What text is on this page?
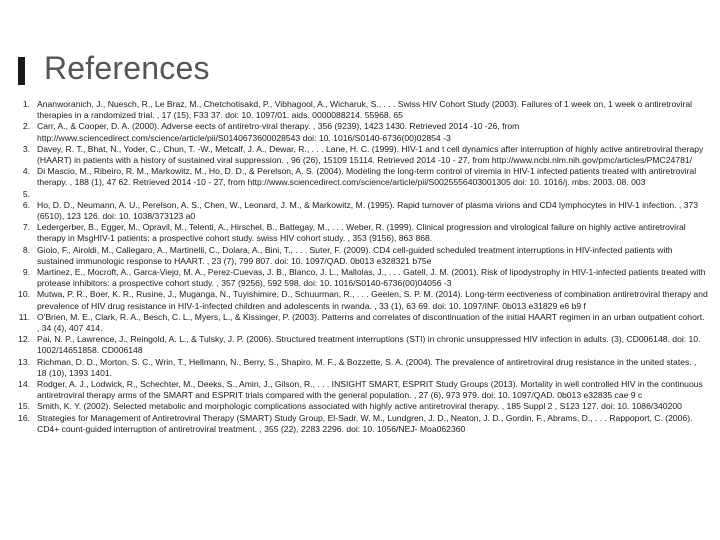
References
1. Ananworanich, J., Nuesch, R., Le Braz, M., Chetchotisakd, P., Vibhagool, A., Wicharuk, S., . . . Swiss HIV Cohort Study (2003). Failures of 1 week on, 1 week o antiretroviral therapies in a randomized trial. , 17 (15), F33 37. doi: 10. 1097/01. aids. 0000088214. 55968. 65
2. Carr, A., & Cooper, D. A. (2000). Adverse eects of antiretro-viral therapy. , 356 (9239), 1423 1430. Retrieved 2014 -10 -26, from http://www.sciencedirect.com/science/article/pii/S0140673600028543 doi: 10. 1016/S0140-6736(00)02854 -3
3. Davey, R. T., Bhat, N., Yoder, C., Chun, T. -W., Metcalf, J. A., Dewar, R., . . . Lane, H. C. (1999). HIV-1 and t cell dynamics after interruption of highly active antiretroviral therapy (HAART) in patients with a history of sustained viral suppression. , 96 (26), 15109 15114. Retrieved 2014 -10 - 27, from http://www.ncbi.nlm.nih.gov/pmc/articles/PMC24781/
4. Di Mascio, M., Ribeiro, R. M., Markowitz, M., Ho, D. D., & Perelson, A. S. (2004). Modeling the long-term control of viremia in HIV-1 infected patients treated with antiretroviral therapy. , 188 (1), 47 62. Retrieved 2014 -10 - 27, from http://www.sciencedirect.com/science/article/pii/S0025556403001305 doi: 10. 1016/j. mbs. 2003. 08. 003
5.
6. Ho, D. D., Neumann, A. U., Perelson, A. S., Chen, W., Leonard, J. M., & Markowitz, M. (1995). Rapid turnover of plasma virions and CD4 lymphocytes in HIV-1 infection. , 373 (6510), 123 126. doi: 10. 1038/373123 a0
7. Ledergerber, B., Egger, M., Opravil, M., Telenti, A., Hirschel, B., Battegay, M., . . . Weber, R. (1999). Clinical progression and virological failure on highly active antiretroviral therapy in MsgHIV-1 patients: a prospective cohort study. swiss HIV cohort study. , 353 (9156), 863 868.
8. Gioio, F., Airoldi, M., Callegaro, A., Martinelli, C., Dolara, A., Bini, T., . . . Suter, F. (2009). CD4 cell-guided scheduled treatment interruptions in HIV-infected patients with sustained immunologic response to HAART. , 23 (7), 799 807. doi: 10. 1097/QAD. 0b013 e328321 b75e
9. Martinez, E., Mocroft, A., Garca-Viejo, M. A., Perez-Cuevas, J. B., Blanco, J. L., Mallolas, J., . . . Gatell, J. M. (2001). Risk of lipodystrophy in HIV-1-infected patients treated with protease inhibitors: a prospective cohort study. , 357 (9256), 592 598. doi: 10. 1016/S0140-6736(00)04056 -3
10. Mutwa, P. R., Boer, K. R., Rusine, J., Muganga, N., Tuyishimire, D., Schuurman, R., . . . Geelen, S. P. M. (2014). Long-term eectiveness of combination antiretroviral therapy and prevalence of HIV drug resistance in HIV-1-infected children and adolescents in rwanda. , 33 (1), 63 69. doi: 10. 1097/INF. 0b013 e31829 e6 b9 f
11. O'Brien, M. E., Clark, R. A., Besch, C. L., Myers, L., & Kissinger, P. (2003). Patterns and correlates of discontinuation of the initial HAART regimen in an urban outpatient cohort. , 34 (4), 407 414.
12. Pai, N. P., Lawrence, J., Reingold, A. L., & Tulsky, J. P. (2006). Structured treatment interruptions (STI) in chronic unsuppressed HIV infection in adults. (3), CD006148. doi: 10. 1002/14651858. CD006148
13. Richman, D. D., Morton, S. C., Wrin, T., Hellmann, N., Berry, S., Shapiro, M. F., & Bozzette, S. A. (2004). The prevalence of antiretroviral drug resistance in the united states. , 18 (10), 1393 1401.
14. Rodger, A. J., Lodwick, R., Schechter, M., Deeks, S., Amin, J., Gilson, R., . . . INSIGHT SMART, ESPRIT Study Groups (2013). Mortality in well controlled HIV in the continuous antiretroviral therapy arms of the SMART and ESPRIT trials compared with the general population. , 27 (6), 973 979. doi: 10. 1097/QAD. 0b013 e32835 cae 9 c
15. Smith, K. Y. (2002). Selected metabolic and morphologic complications associated with highly active antiretroviral therapy. , 185 Suppl 2 , S123 127. doi: 10. 1086/340200
16. Strategies for Management of Antiretroviral Therapy (SMART) Study Group, El-Sadr, W. M., Lundgren, J. D., Neaton, J. D., Gordin, F., Abrams, D., . . . Rappoport, C. (2006). CD4+ count-guided interruption of antiretroviral treatment. , 355 (22), 2283 2296. doi: 10. 1056/NEJ- Moa062360
